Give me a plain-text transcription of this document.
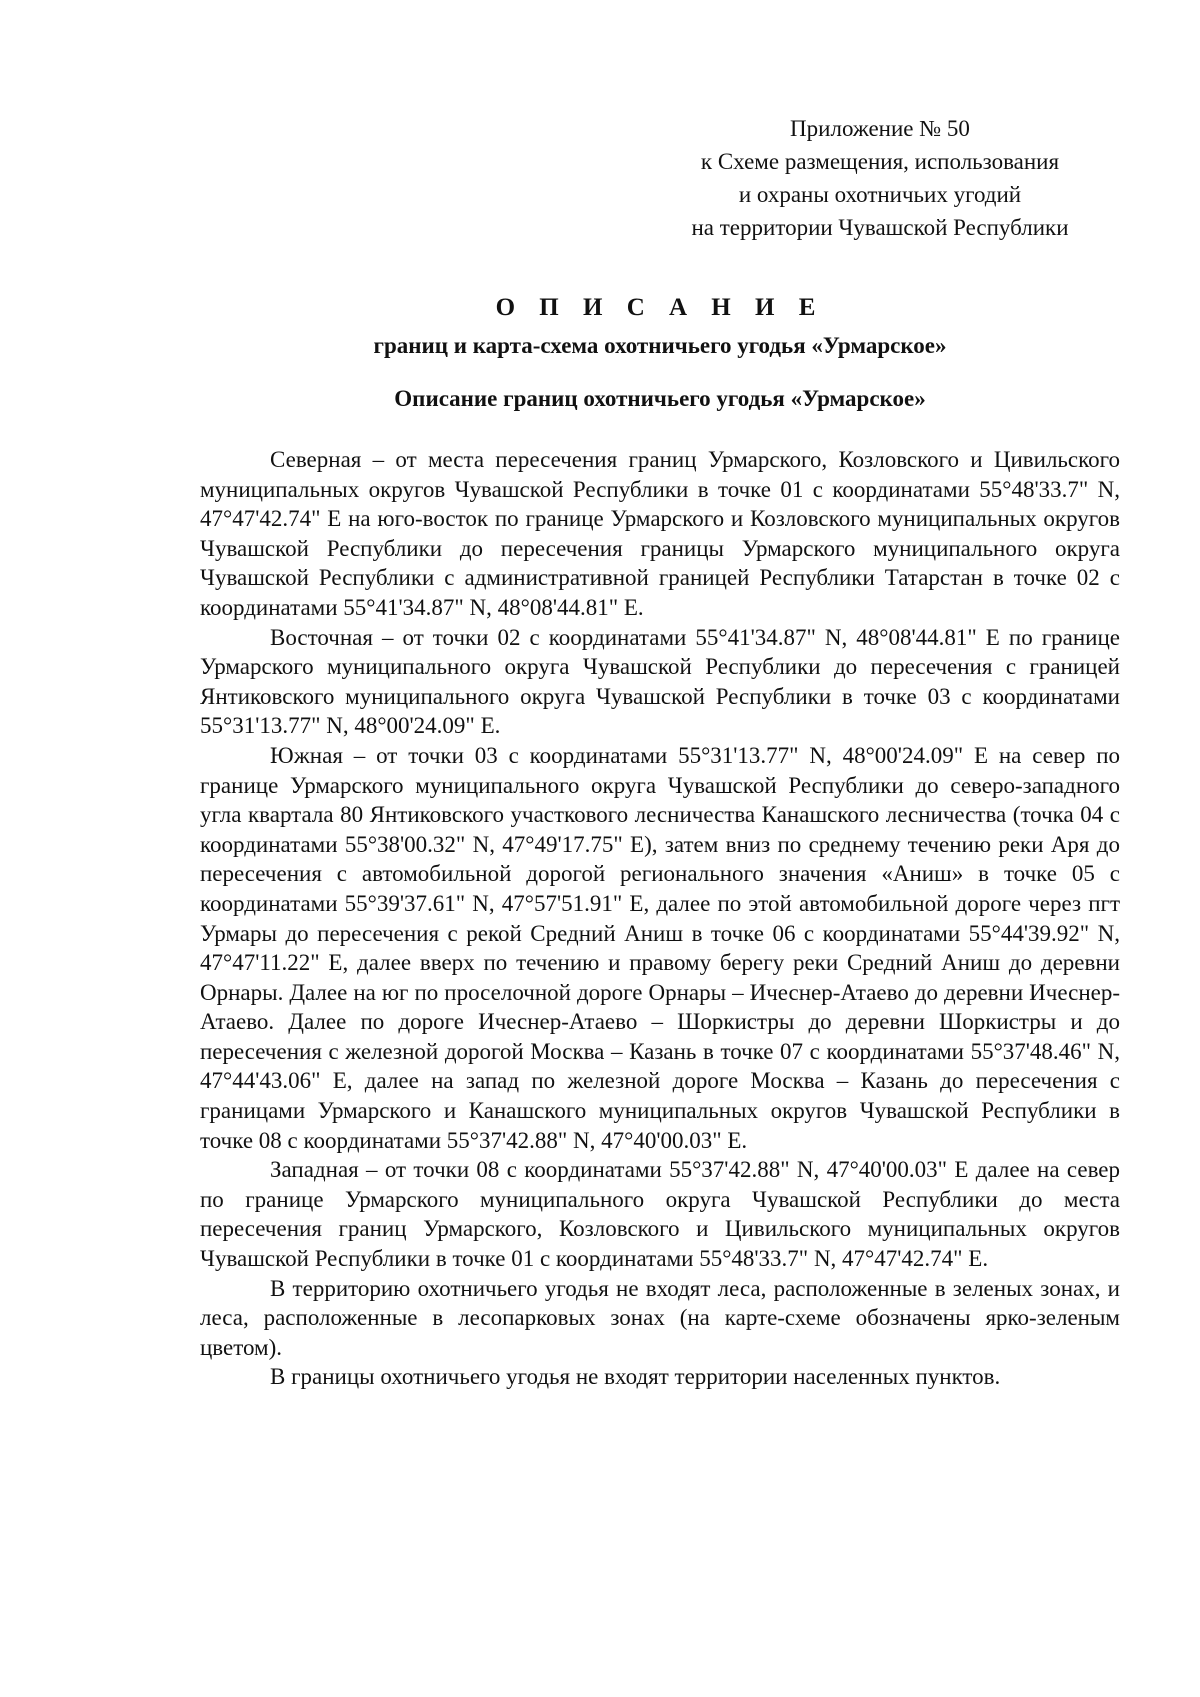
Приложение № 50
к Схеме размещения, использования
и охраны охотничьих угодий
на территории Чувашской Республики
О П И С А Н И Е
границ и карта-схема охотничьего угодья «Урмарское»
Описание границ охотничьего угодья «Урмарское»

Северная – от места пересечения границ Урмарского, Козловского и Цивильского муниципальных округов Чувашской Республики в точке 01 с координатами 55°48'33.7" N, 47°47'42.74" E на юго-восток по границе Урмарского и Козловского муниципальных округов Чувашской Республики до пересечения границы Урмарского муниципального округа Чувашской Республики с административной границей Республики Татарстан в точке 02 с координатами 55°41'34.87" N, 48°08'44.81" E.

Восточная – от точки 02 с координатами 55°41'34.87" N, 48°08'44.81" E по границе Урмарского муниципального округа Чувашской Республики до пересечения с границей Янтиковского муниципального округа Чувашской Республики в точке 03 с координатами 55°31'13.77" N, 48°00'24.09" E.

Южная – от точки 03 с координатами 55°31'13.77" N, 48°00'24.09" E на север по границе Урмарского муниципального округа Чувашской Республики до северо-западного угла квартала 80 Янтиковского участкового лесничества Канашского лесничества (точка 04 с координатами 55°38'00.32" N, 47°49'17.75" E), затем вниз по среднему течению реки Аря до пересечения с автомобильной дорогой регионального значения «Аниш» в точке 05 с координатами 55°39'37.61" N, 47°57'51.91" E, далее по этой автомобильной дороге через пгт Урмары до пересечения с рекой Средний Аниш в точке 06 с координатами 55°44'39.92" N, 47°47'11.22" E, далее вверх по течению и правому берегу реки Средний Аниш до деревни Орнары. Далее на юг по проселочной дороге Орнары – Ичеснер-Атаево до деревни Ичеснер-Атаево. Далее по дороге Ичеснер-Атаево – Шоркистры до деревни Шоркистры и до пересечения с железной дорогой Москва – Казань в точке 07 с координатами 55°37'48.46" N, 47°44'43.06" E, далее на запад по железной дороге Москва – Казань до пересечения с границами Урмарского и Канашского муниципальных округов Чувашской Республики в точке 08 с координатами 55°37'42.88" N, 47°40'00.03" E.

Западная – от точки 08 с координатами 55°37'42.88" N, 47°40'00.03" E далее на север по границе Урмарского муниципального округа Чувашской Республики до места пересечения границ Урмарского, Козловского и Цивильского муниципальных округов Чувашской Республики в точке 01 с координатами 55°48'33.7" N, 47°47'42.74" E.

В территорию охотничьего угодья не входят леса, расположенные в зеленых зонах, и леса, расположенные в лесопарковых зонах (на карте-схеме обозначены ярко-зеленым цветом).

В границы охотничьего угодья не входят территории населенных пунктов.
